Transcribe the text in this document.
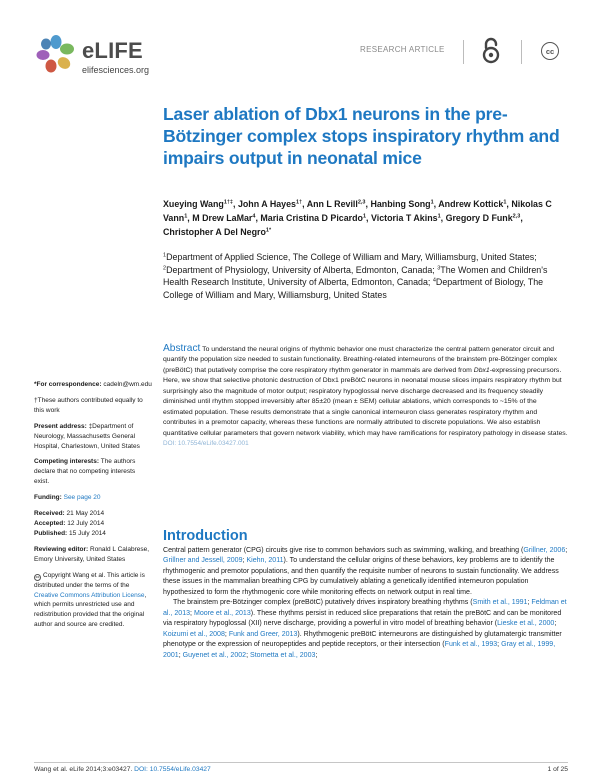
eLIFE
elifesciences.org
RESEARCH ARTICLE	cc
Laser ablation of Dbx1 neurons in the pre-Bötzinger complex stops inspiratory rhythm and impairs output in neonatal mice
Xueying Wang$^{1\dagger\ddagger}$, John A Hayes$^{1\dagger}$, Ann L Revill$^{2,3}$, Hanbing Song$^1$, Andrew Kottick$^1$, Nikolas C Vann$^1$, M Drew LaMar$^4$, Maria Cristina D Picardo$^1$, Victoria T Akins$^1$, Gregory D Funk$^{2,3}$, Christopher A Del Negro$^{1*}$
$^1$Department of Applied Science, The College of William and Mary, Williamsburg, United States; $^2$Department of Physiology, University of Alberta, Edmonton, Canada; $^3$The Women and Children's Health Research Institute, University of Alberta, Edmonton, Canada; $^4$Department of Biology, The College of William and Mary, Williamsburg, United States
Abstract To understand the neural origins of rhythmic behavior one must characterize the central pattern generator circuit and quantify the population size needed to sustain functionality. Breathing-related interneurons of the brainstem pre-Bötzinger complex (preBötC) that putatively comprise the core respiratory rhythm generator in mammals are derived from Dbx1-expressing precursors. Here, we show that selective photonic destruction of Dbx1 preBötC neurons in neonatal mouse slices impairs respiratory rhythm but surprisingly also the magnitude of motor output; respiratory hypoglossal nerve discharge decreased and its frequency steadily diminished until rhythm stopped irreversibly after 85±20 (mean ± SEM) cellular ablations, which corresponds to ~15% of the estimated population. These results demonstrate that a single canonical interneuron class generates respiratory rhythm and contributes in a premotor capacity, whereas these functions are normally attributed to discrete populations. We also establish quantitative cellular parameters that govern network viability, which may have ramifications for respiratory pathology in disease states.
DOI: 10.7554/eLife.03427.001
*For correspondence: cadeln@wm.edu
†These authors contributed equally to this work
Present address: ‡Department of Neurology, Massachusetts General Hospital, Charlestown, United States
Competing interests: The authors declare that no competing interests exist.
Funding: See page 20
Received: 21 May 2014
Accepted: 12 July 2014
Published: 15 July 2014
Reviewing editor: Ronald L Calabrese, Emory University, United States
cc Copyright Wang et al. This article is distributed under the terms of the Creative Commons Attribution License, which permits unrestricted use and redistribution provided that the original author and source are credited.
Introduction

Central pattern generator (CPG) circuits give rise to common behaviors such as swimming, walking, and breathing (Grillner, 2006; Grillner and Jessell, 2009; Kiehn, 2011). To understand the cellular origins of these behaviors, key problems are to identify the rhythmogenic and premotor populations, and then quantify the requisite number of neurons to sustain functionality. We address these issues in the mammalian breathing CPG by cumulatively ablating a genetically identified interneuron population hypothesized to form the rhythmogenic core while monitoring effects on network output in real time.

The brainstem pre-Bötzinger complex (preBötC) putatively drives inspiratory breathing rhythms (Smith et al., 1991; Feldman et al., 2013; Moore et al., 2013). These rhythms persist in reduced slice preparations that retain the preBötC and can be monitored via respiratory hypoglossal (XII) nerve discharge, providing a powerful in vitro model of breathing behavior (Lieske et al., 2000; Koizumi et al., 2008; Funk and Greer, 2013). Rhythmogenic preBötC interneurons are distinguished by glutamatergic transmitter phenotype or the expression of neuropeptides and peptide receptors, or their intersection (Funk et al., 1993; Gray et al., 1999, 2001; Guyenet et al., 2002; Stornetta et al., 2003;

Wang et al. eLife 2014;3:e03427. DOI: 10.7554/eLife.03427	1 of 25
